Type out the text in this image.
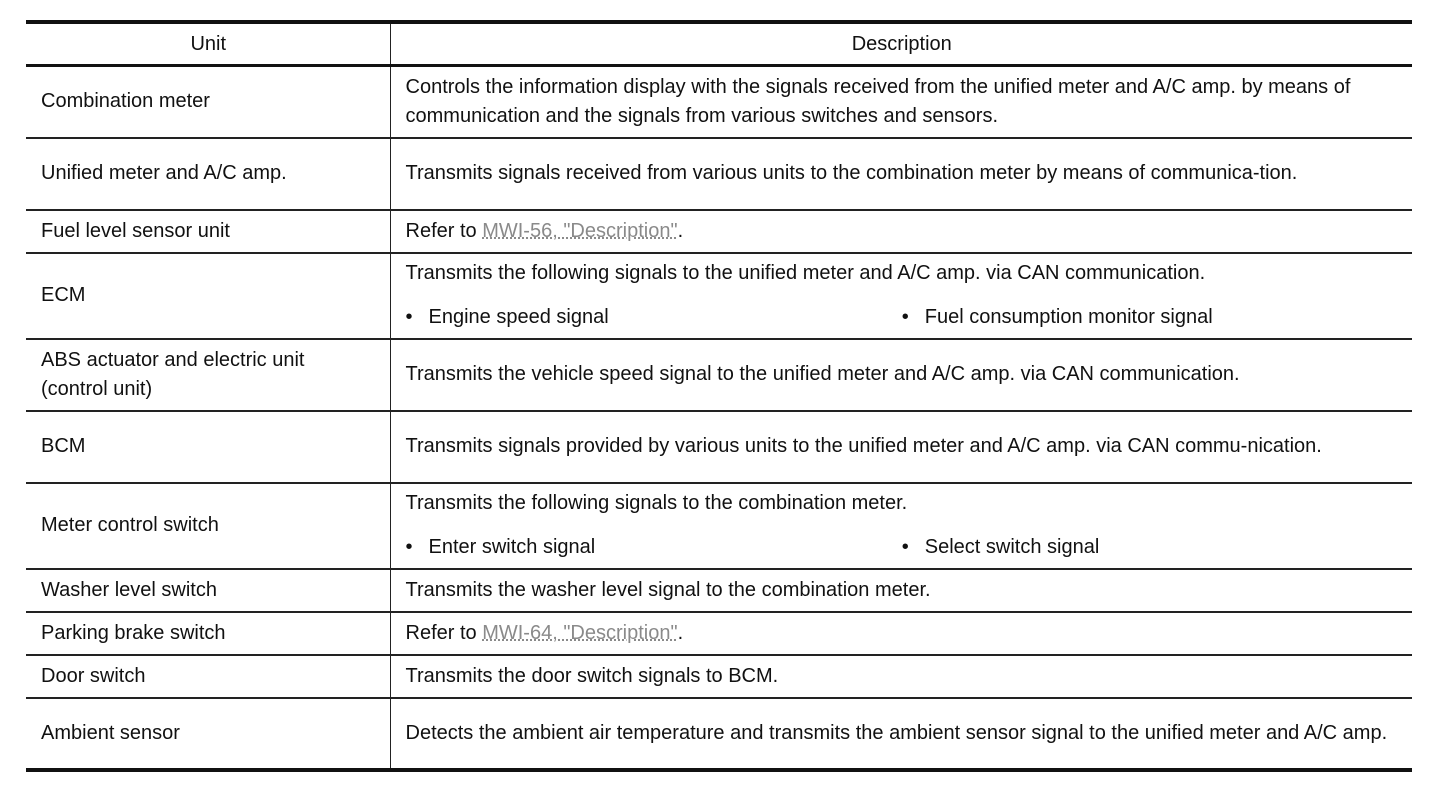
Unit	Description
Combination meter	Controls the information display with the signals received from the unified meter and A/C amp. by means of communication and the signals from various switches and sensors.
Unified meter and A/C amp.	Transmits signals received from various units to the combination meter by means of communica-tion.
Fuel level sensor unit	Refer to MWI-56, "Description".
ECM	Transmits the following signals to the unified meter and A/C amp. via CAN communication.
• Engine speed signal • Fuel consumption monitor signal

ABS actuator and electric unit
(control unit)	Transmits the vehicle speed signal to the unified meter and A/C amp. via CAN communication.
BCM	Transmits signals provided by various units to the unified meter and A/C amp. via CAN commu-nication.
Meter control switch	Transmits the following signals to the combination meter.
• Enter switch signal • Select switch signal

Washer level switch	Transmits the washer level signal to the combination meter.
Parking brake switch	Refer to MWI-64, "Description".
Door switch	Transmits the door switch signals to BCM.
Ambient sensor	Detects the ambient air temperature and transmits the ambient sensor signal to the unified meter and A/C amp.
